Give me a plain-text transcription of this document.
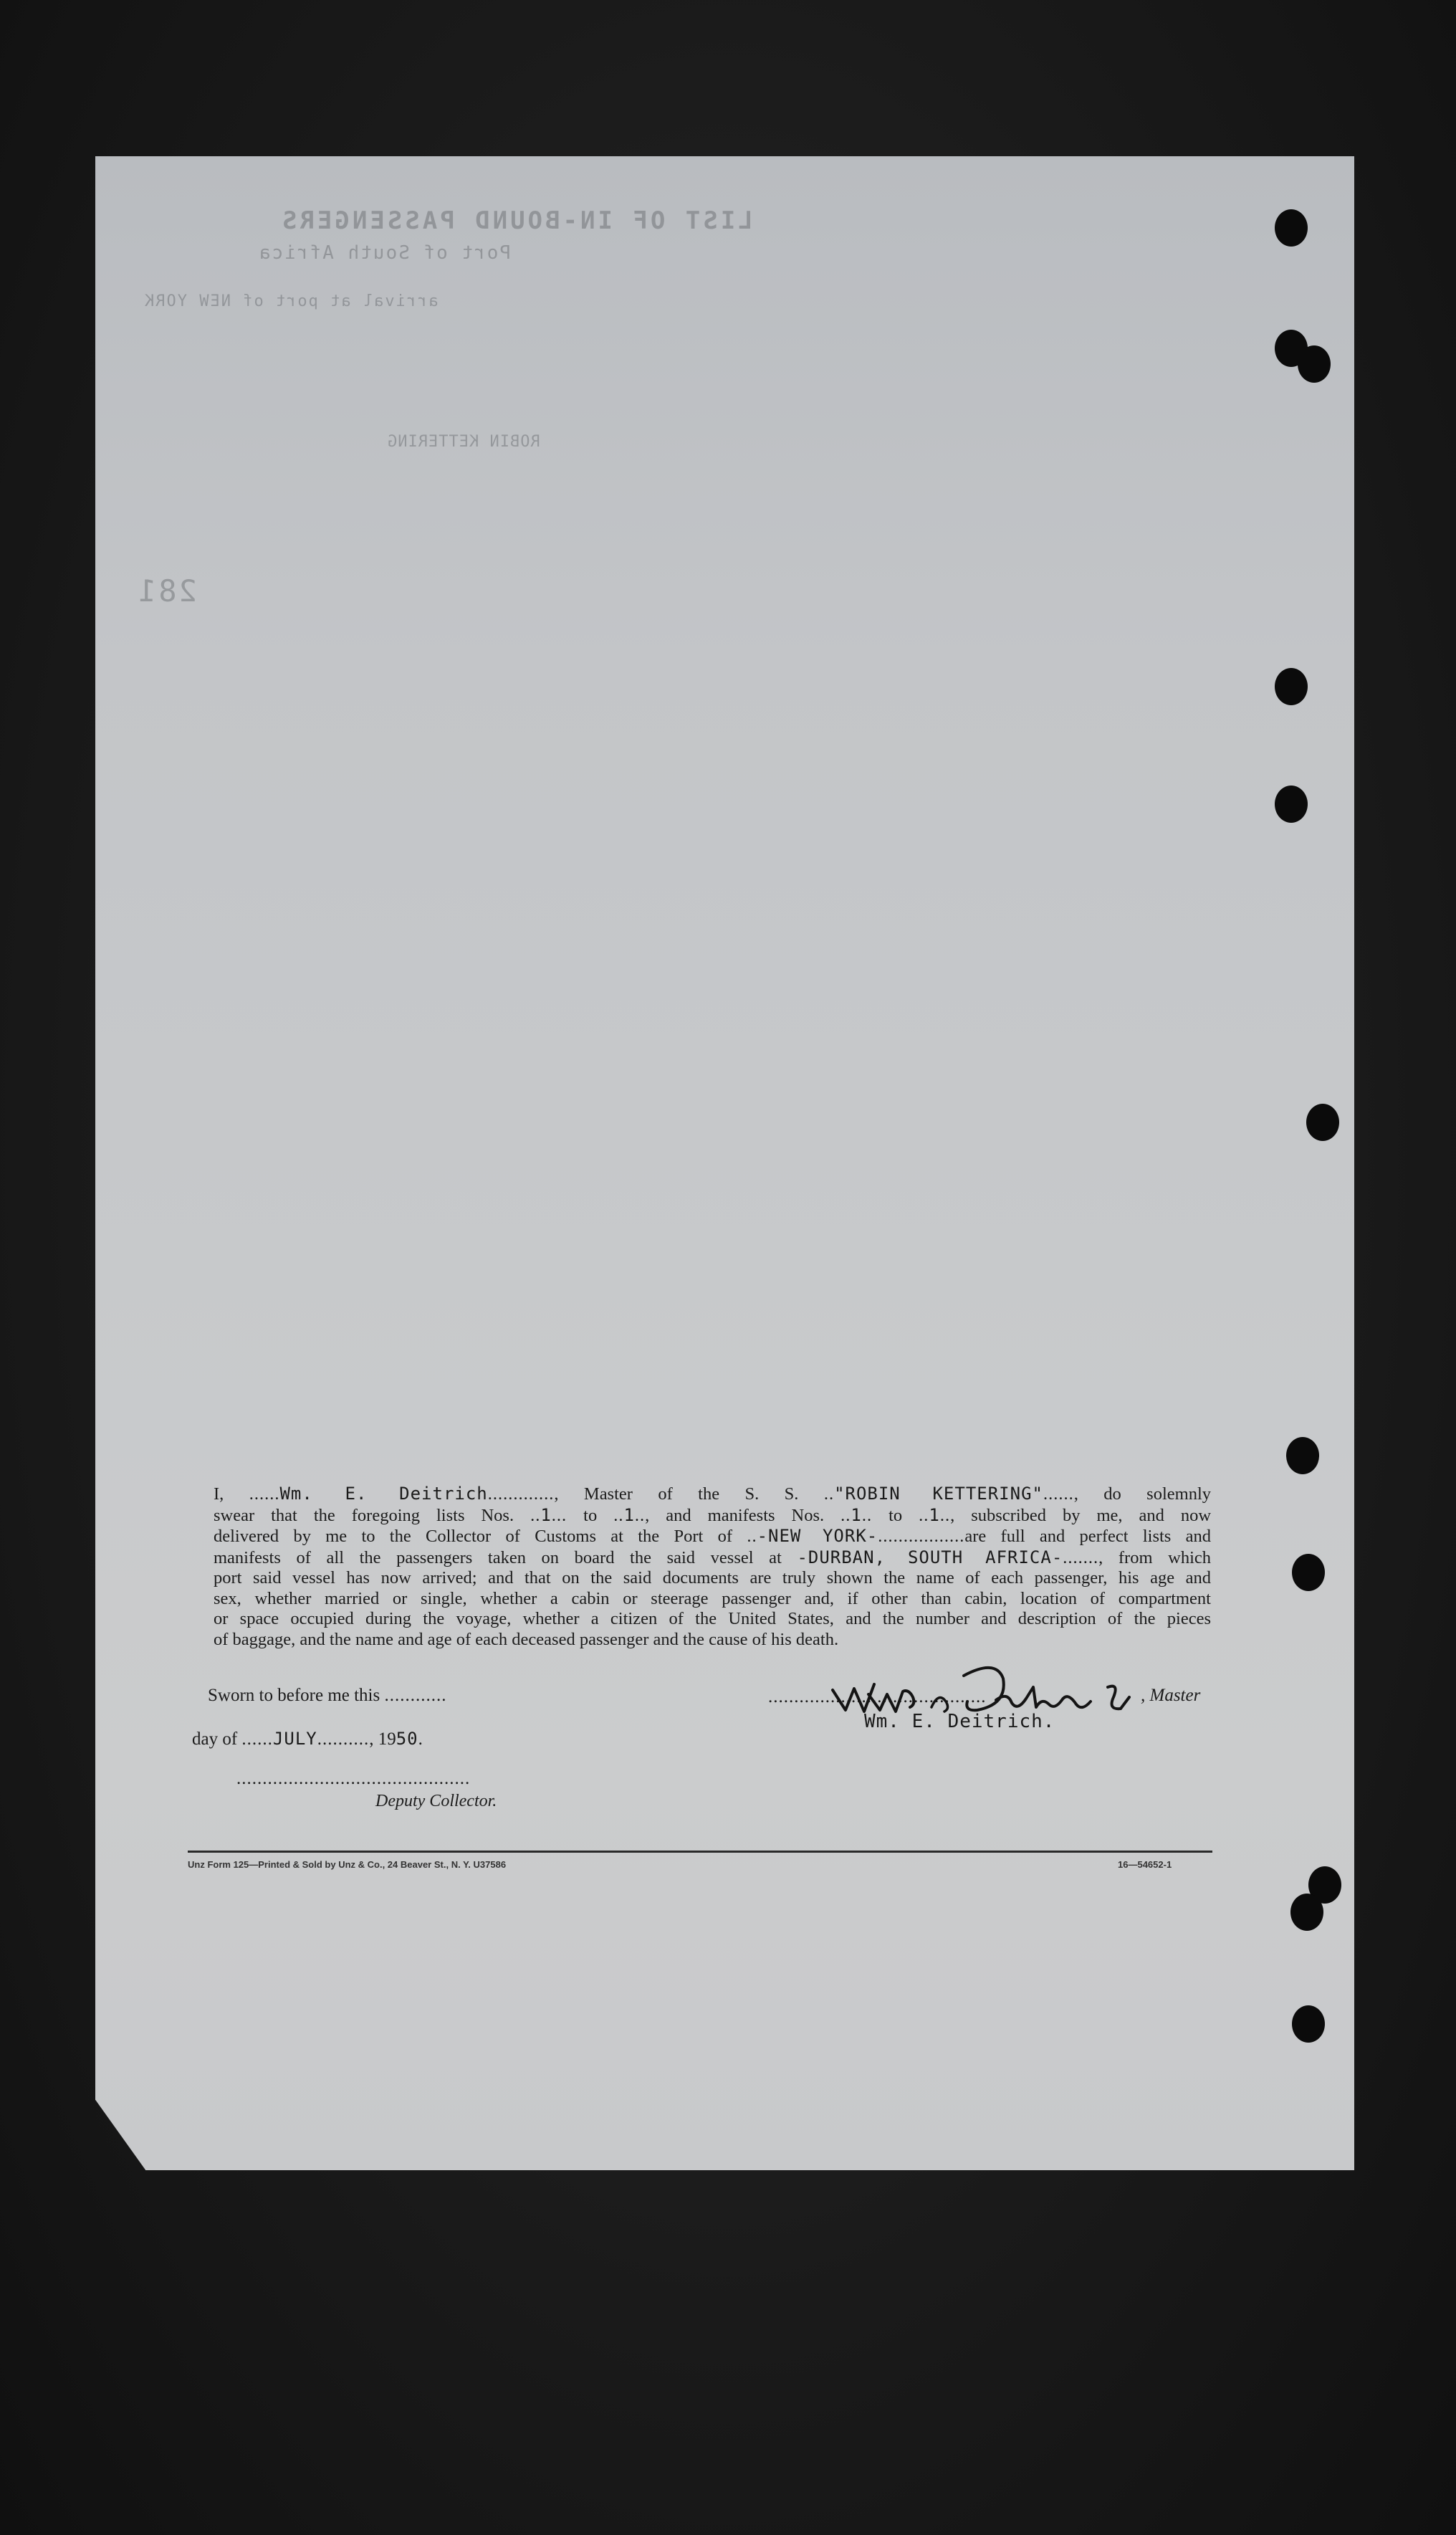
LIST OF IN-BOUND PASSENGERS
Port of South Africa
arrival at port of NEW YORK
ROBIN KETTERING
281
I, ......Wm. E. Deitrich............., Master of the S. S. .."ROBIN KETTERING"......, do solemnly
swear that the foregoing lists Nos. ..1... to ..1.., and manifests Nos. ..1.. to ..1.., subscribed by me, and now
delivered by me to the Collector of Customs at the Port of ..-NEW YORK-.................are full and perfect lists and
manifests of all the passengers taken on board the said vessel at -DURBAN, SOUTH AFRICA-......., from which
port said vessel has now arrived; and that on the said documents are truly shown the name of each passenger, his age and
sex, whether married or single, whether a cabin or steerage passenger and, if other than cabin, location of compartment
or space occupied during the voyage, whether a citizen of the United States, and the number and description of the pieces
of baggage, and the name and age of each deceased passenger and the cause of his death.
Sworn to before me this ............
day of ......JULY.........., 1950.
.............................................
Deputy Collector.
..........................................	, Master
Wm. E. Deitrich.
Unz Form 125—Printed & Sold by Unz & Co., 24 Beaver St., N. Y. U37586	16—54652-1
